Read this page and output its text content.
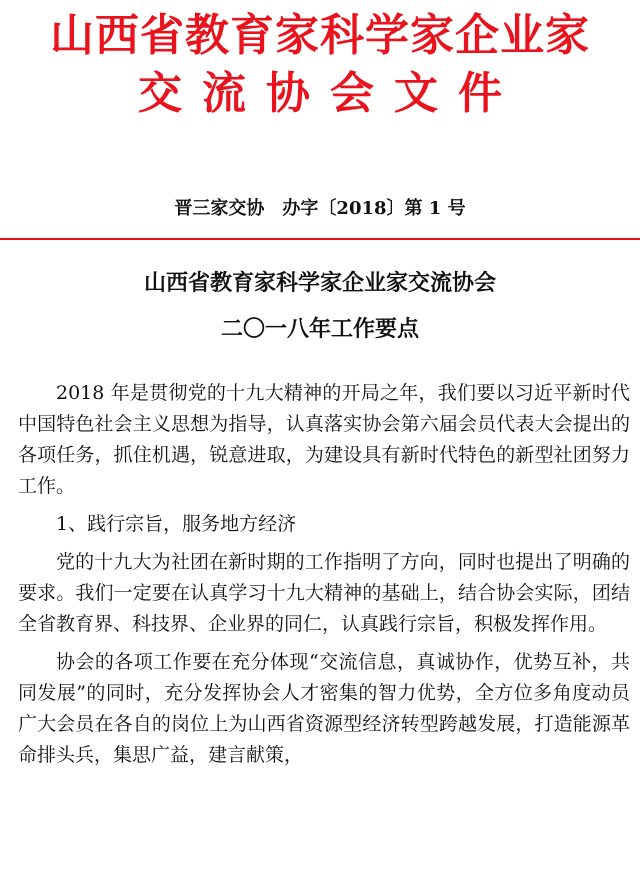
山西省教育家科学家企业家
交流协会文件
晋三家交协　办字〔2018〕第 1 号
山西省教育家科学家企业家交流协会
二〇一八年工作要点

2018 年是贯彻党的十九大精神的开局之年，我们要以习近平新时代中国特色社会主义思想为指导，认真落实协会第六届会员代表大会提出的各项任务，抓住机遇，锐意进取，为建设具有新时代特色的新型社团努力工作。

1、践行宗旨，服务地方经济

党的十九大为社团在新时期的工作指明了方向，同时也提出了明确的要求。我们一定要在认真学习十九大精神的基础上，结合协会实际，团结全省教育界、科技界、企业界的同仁，认真践行宗旨，积极发挥作用。

协会的各项工作要在充分体现“交流信息，真诚协作，优势互补，共同发展”的同时，充分发挥协会人才密集的智力优势，全方位多角度动员广大会员在各自的岗位上为山西省资源型经济转型跨越发展，打造能源革命排头兵，集思广益，建言献策，
